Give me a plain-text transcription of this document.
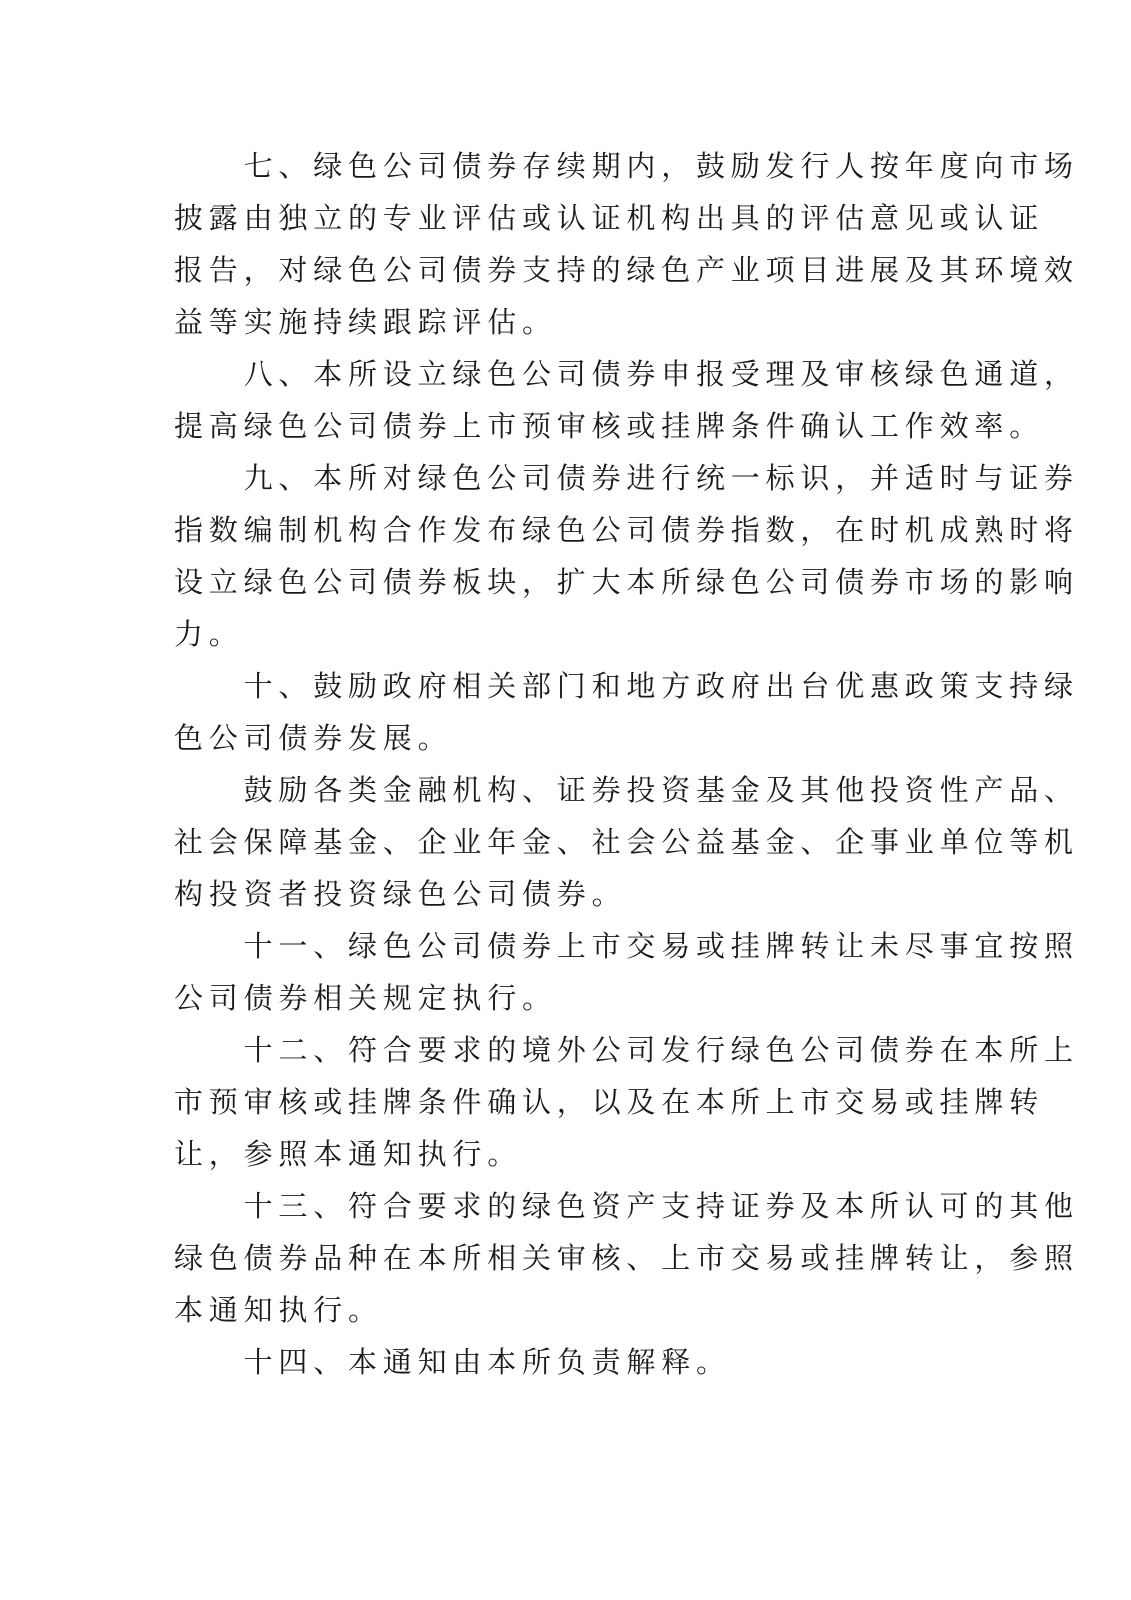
　　七、绿色公司债券存续期内，鼓励发行人按年度向市场
披露由独立的专业评估或认证机构出具的评估意见或认证
报告，对绿色公司债券支持的绿色产业项目进展及其环境效
益等实施持续跟踪评估。
　　八、本所设立绿色公司债券申报受理及审核绿色通道，
提高绿色公司债券上市预审核或挂牌条件确认工作效率。
　　九、本所对绿色公司债券进行统一标识，并适时与证券
指数编制机构合作发布绿色公司债券指数，在时机成熟时将
设立绿色公司债券板块，扩大本所绿色公司债券市场的影响
力。
　　十、鼓励政府相关部门和地方政府出台优惠政策支持绿
色公司债券发展。
　　鼓励各类金融机构、证券投资基金及其他投资性产品、
社会保障基金、企业年金、社会公益基金、企事业单位等机
构投资者投资绿色公司债券。
　　十一、绿色公司债券上市交易或挂牌转让未尽事宜按照
公司债券相关规定执行。
　　十二、符合要求的境外公司发行绿色公司债券在本所上
市预审核或挂牌条件确认，以及在本所上市交易或挂牌转
让，参照本通知执行。
　　十三、符合要求的绿色资产支持证券及本所认可的其他
绿色债券品种在本所相关审核、上市交易或挂牌转让，参照
本通知执行。
　　十四、本通知由本所负责解释。
